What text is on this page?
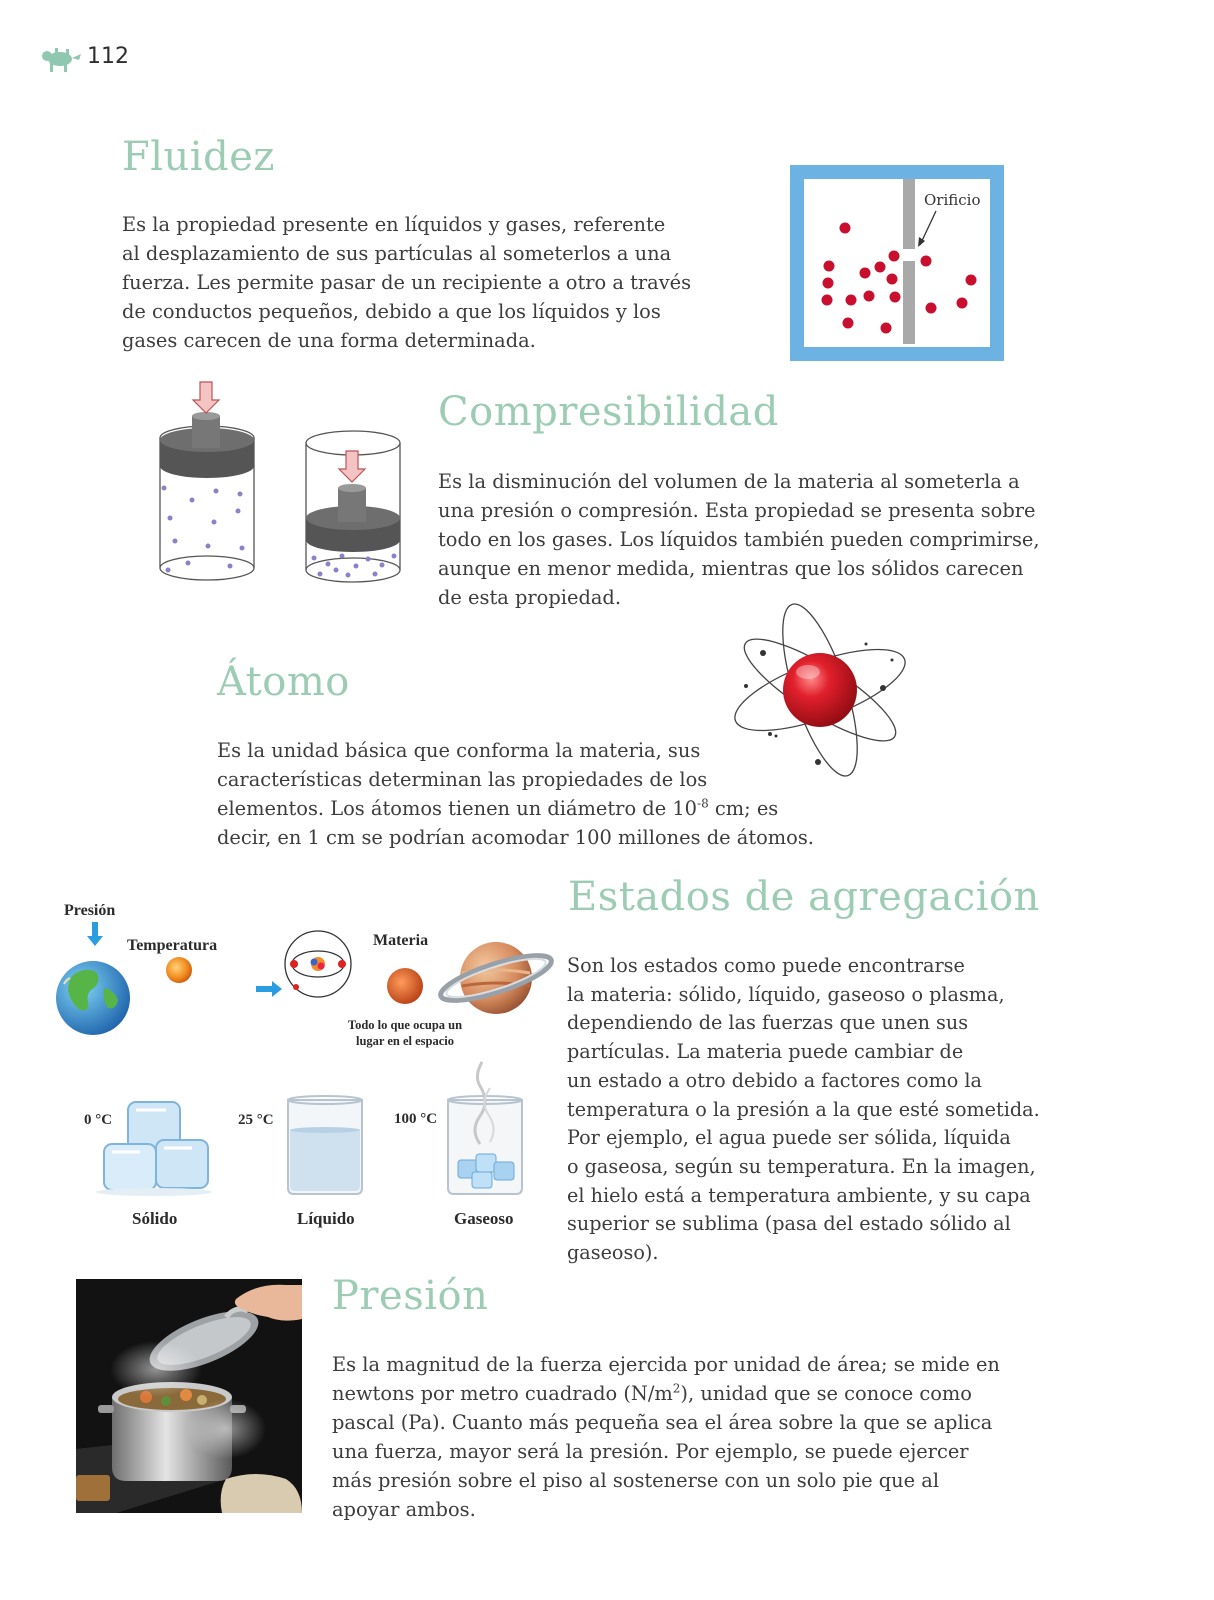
112
Fluidez
Es la propiedad presente en líquidos y gases, referente
al desplazamiento de sus partículas al someterlos a una
fuerza. Les permite pasar de un recipiente a otro a través
de conductos pequeños, debido a que los líquidos y los
gases carecen de una forma determinada.
Orificio
Compresibilidad
Es la disminución del volumen de la materia al someterla a
una presión o compresión. Esta propiedad se presenta sobre
todo en los gases. Los líquidos también pueden comprimirse,
aunque en menor medida, mientras que los sólidos carecen
de esta propiedad.
Átomo
Es la unidad básica que conforma la materia, sus
características determinan las propiedades de los
elementos. Los átomos tienen un diámetro de $10^{-8}$ cm; es
decir, en 1 cm se podrían acomodar 100 millones de átomos.
Presión
Temperatura	Materia
Todo lo que ocupa un
lugar en el espacio
0 °C	25 °C	100 °C
Sólido	Líquido	Gaseoso
Estados de agregación
Son los estados como puede encontrarse
la materia: sólido, líquido, gaseoso o plasma,
dependiendo de las fuerzas que unen sus
partículas. La materia puede cambiar de
un estado a otro debido a factores como la
temperatura o la presión a la que esté sometida.
Por ejemplo, el agua puede ser sólida, líquida
o gaseosa, según su temperatura. En la imagen,
el hielo está a temperatura ambiente, y su capa
superior se sublima (pasa del estado sólido al
gaseoso).
Presión
Es la magnitud de la fuerza ejercida por unidad de área; se mide en
newtons por metro cuadrado $(N/m^2)$, unidad que se conoce como
pascal (Pa). Cuanto más pequeña sea el área sobre la que se aplica
una fuerza, mayor será la presión. Por ejemplo, se puede ejercer
más presión sobre el piso al sostenerse con un solo pie que al
apoyar ambos.
